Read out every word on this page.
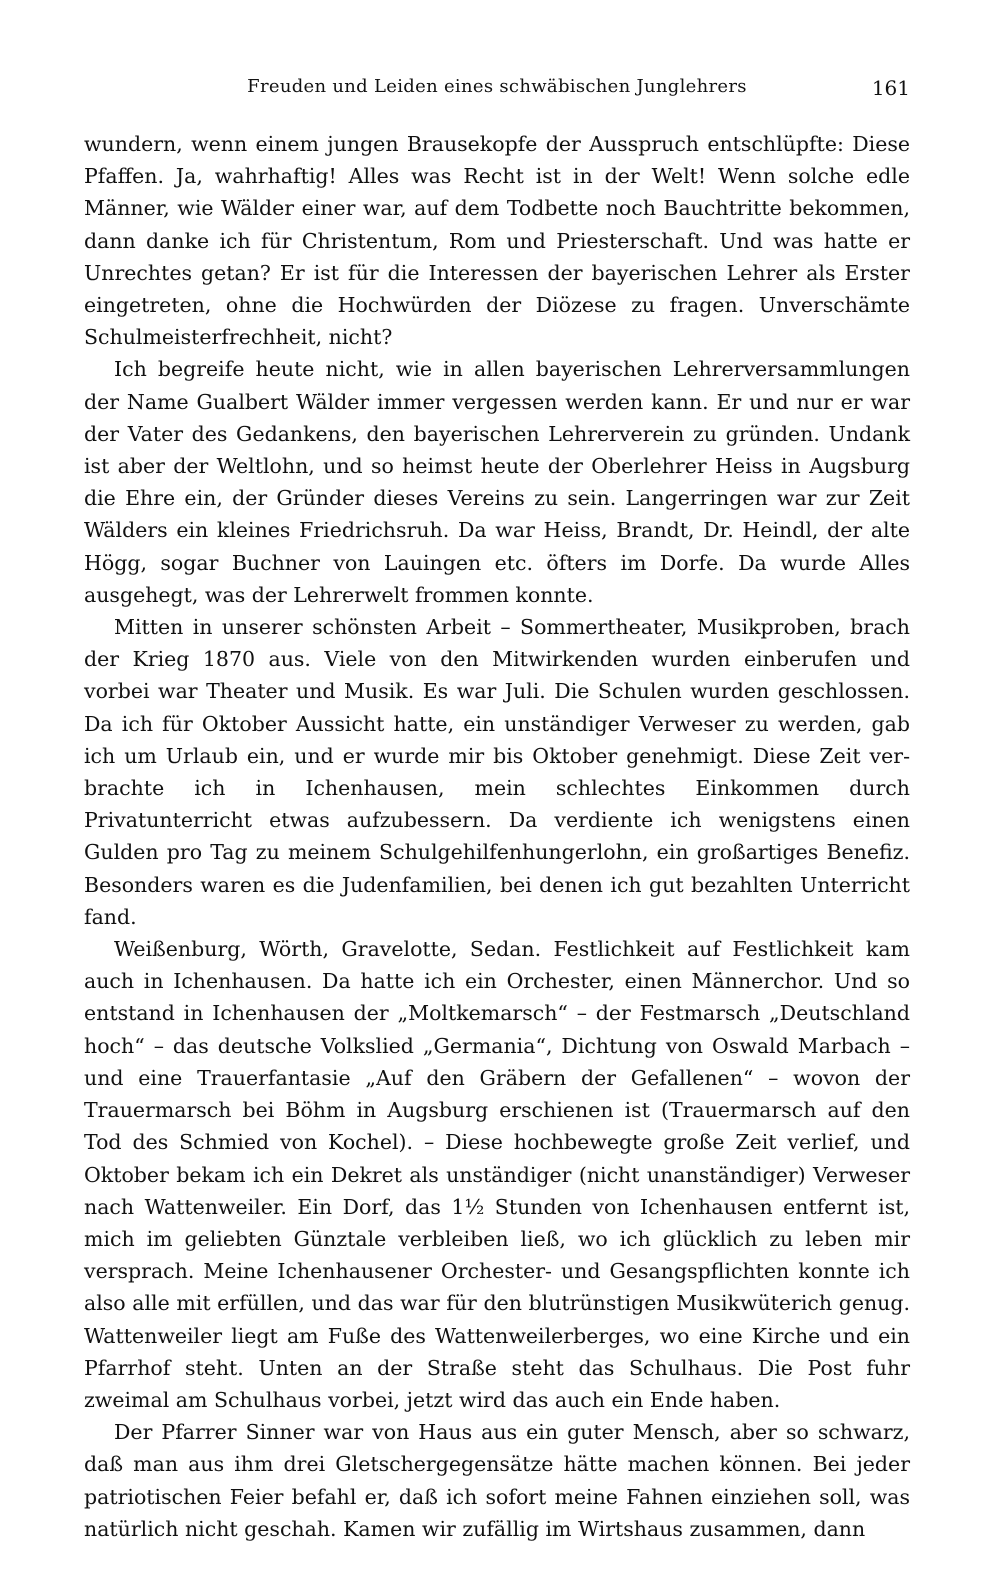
Freuden und Leiden eines schwäbischen Junglehrers	161

wundern, wenn einem jungen Brausekopfe der Ausspruch entschlüpfte: Diese Pfaffen. Ja, wahrhaftig! Alles was Recht ist in der Welt! Wenn solche edle Männer, wie Wälder einer war, auf dem Todbette noch Bauchtritte bekommen, dann danke ich für Christentum, Rom und Priesterschaft. Und was hatte er Unrechtes getan? Er ist für die Interessen der bayerischen Lehrer als Erster eingetreten, ohne die Hochwürden der Diözese zu fragen. Unverschämte Schulmeisterfrechheit, nicht?

Ich begreife heute nicht, wie in allen bayerischen Lehrerversammlungen der Name Gualbert Wälder immer vergessen werden kann. Er und nur er war der Vater des Gedankens, den bayerischen Lehrerverein zu gründen. Undank ist aber der Weltlohn, und so heimst heute der Oberlehrer Heiss in Augsburg die Ehre ein, der Gründer dieses Vereins zu sein. Langerringen war zur Zeit Wälders ein kleines Friedrichsruh. Da war Heiss, Brandt, Dr. Heindl, der alte Högg, sogar Buchner von Lauingen etc. öfters im Dorfe. Da wurde Alles ausgehegt, was der Lehrerwelt frommen konnte.

Mitten in unserer schönsten Arbeit – Sommertheater, Musikproben, brach der Krieg 1870 aus. Viele von den Mitwirkenden wurden einberufen und vorbei war Theater und Musik. Es war Juli. Die Schulen wurden geschlossen. Da ich für Oktober Aussicht hatte, ein unständiger Verweser zu werden, gab ich um Urlaub ein, und er wurde mir bis Oktober genehmigt. Diese Zeit verbrachte ich in Ichenhausen, mein schlechtes Einkommen durch Privatunterricht etwas aufzubessern. Da verdiente ich wenigstens einen Gulden pro Tag zu meinem Schulgehilfenhungerlohn, ein großartiges Benefiz. Besonders waren es die Judenfamilien, bei denen ich gut bezahlten Unterricht fand.

Weißenburg, Wörth, Gravelotte, Sedan. Festlichkeit auf Festlichkeit kam auch in Ichenhausen. Da hatte ich ein Orchester, einen Männerchor. Und so entstand in Ichenhausen der „Moltkemarsch“ – der Festmarsch „Deutschland hoch“ – das deutsche Volkslied „Germania“, Dichtung von Oswald Marbach – und eine Trauerfantasie „Auf den Gräbern der Gefallenen“ – wovon der Trauermarsch bei Böhm in Augsburg erschienen ist (Trauermarsch auf den Tod des Schmied von Kochel). – Diese hochbewegte große Zeit verlief, und Oktober bekam ich ein Dekret als unständiger (nicht unanständiger) Verweser nach Wattenweiler. Ein Dorf, das 1½ Stunden von Ichenhausen entfernt ist, mich im geliebten Günztale verbleiben ließ, wo ich glücklich zu leben mir versprach. Meine Ichenhausener Orchester- und Gesangspflichten konnte ich also alle mit erfüllen, und das war für den blutrünstigen Musikwüterich genug. Wattenweiler liegt am Fuße des Wattenweilerberges, wo eine Kirche und ein Pfarrhof steht. Unten an der Straße steht das Schulhaus. Die Post fuhr zweimal am Schulhaus vorbei, jetzt wird das auch ein Ende haben.

Der Pfarrer Sinner war von Haus aus ein guter Mensch, aber so schwarz, daß man aus ihm drei Gletschergegensätze hätte machen können. Bei jeder patriotischen Feier befahl er, daß ich sofort meine Fahnen einziehen soll, was natürlich nicht geschah. Kamen wir zufällig im Wirtshaus zusammen, dann
